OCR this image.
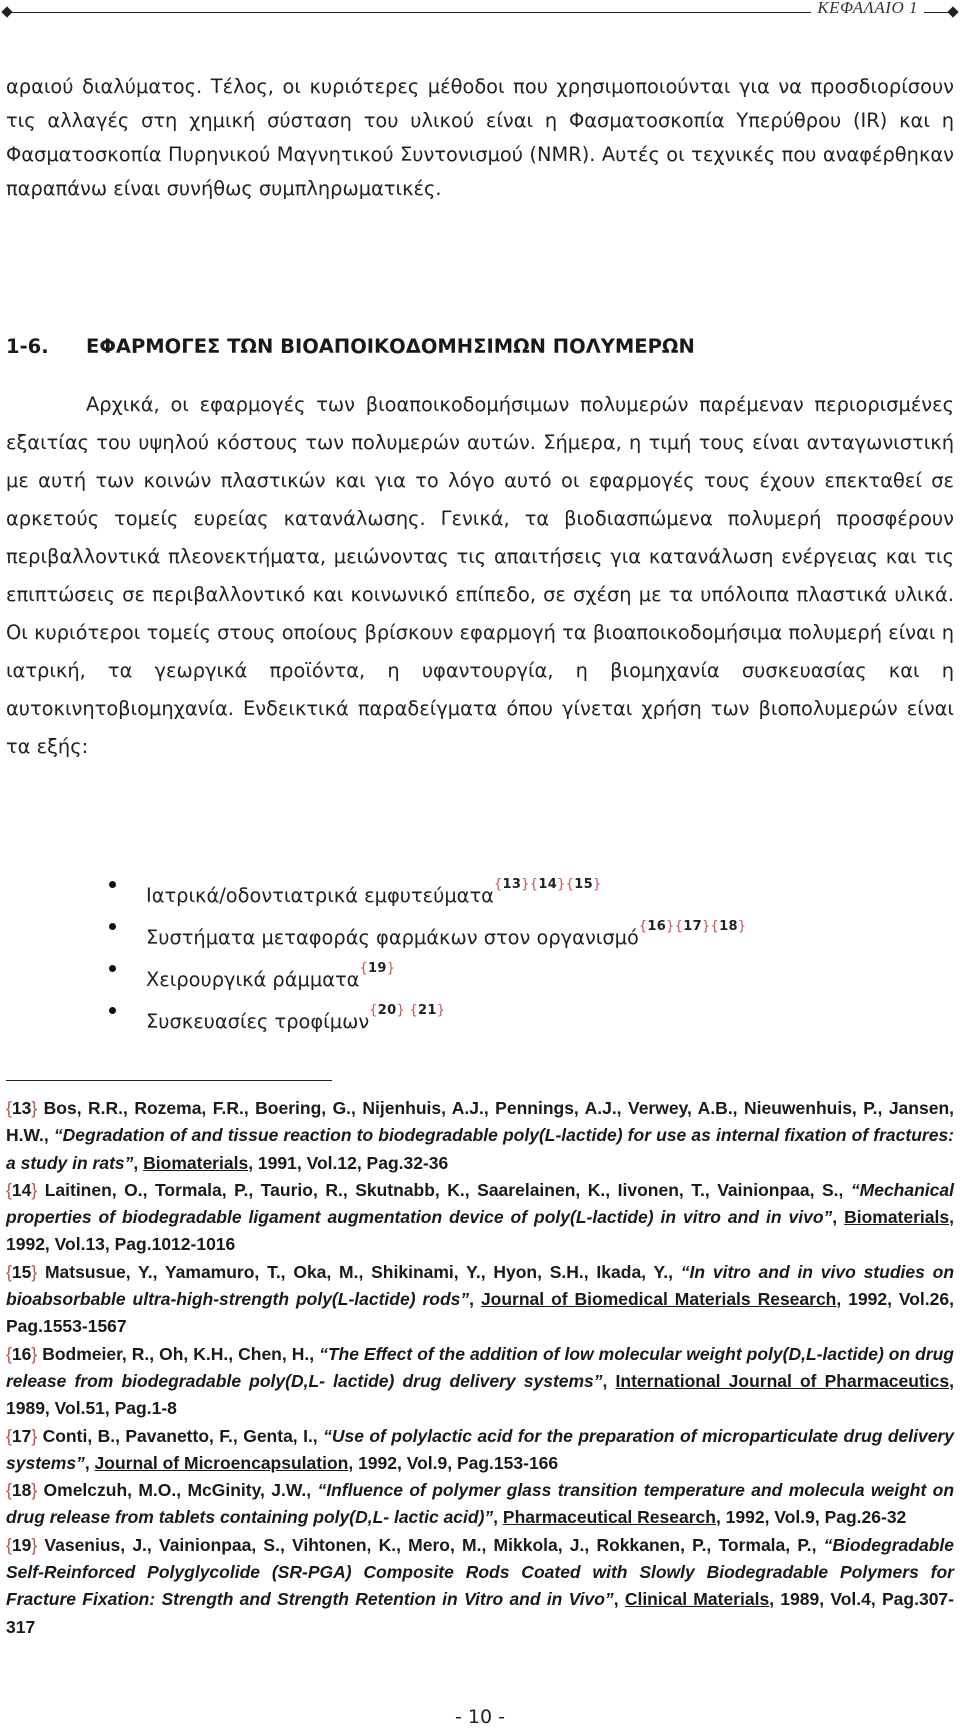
ΚΕΦΑΛΑΙΟ 1

αραιού διαλύματος. Τέλος, οι κυριότερες μέθοδοι που χρησιμοποιούνται για να προσδιορίσουν τις αλλαγές στη χημική σύσταση του υλικού είναι η Φασματοσκοπία Υπερύθρου (IR) και η Φασματοσκοπία Πυρηνικού Μαγνητικού Συντονισμού (NMR). Αυτές οι τεχνικές που αναφέρθηκαν παραπάνω είναι συνήθως συμπληρωματικές.

1-6. ΕΦΑΡΜΟΓΕΣ ΤΩΝ ΒΙΟΑΠΟΙΚΟΔΟΜΗΣΙΜΩΝ ΠΟΛΥΜΕΡΩΝ

Αρχικά, οι εφαρμογές των βιοαποικοδομήσιμων πολυμερών παρέμεναν περιορισμένες εξαιτίας του υψηλού κόστους των πολυμερών αυτών. Σήμερα, η τιμή τους είναι ανταγωνιστική με αυτή των κοινών πλαστικών και για το λόγο αυτό οι εφαρμογές τους έχουν επεκταθεί σε αρκετούς τομείς ευρείας κατανάλωσης. Γενικά, τα βιοδιασπώμενα πολυμερή προσφέρουν περιβαλλοντικά πλεονεκτήματα, μειώνοντας τις απαιτήσεις για κατανάλωση ενέργειας και τις επιπτώσεις σε περιβαλλοντικό και κοινωνικό επίπεδο, σε σχέση με τα υπόλοιπα πλαστικά υλικά. Οι κυριότεροι τομείς στους οποίους βρίσκουν εφαρμογή τα βιοαποικοδομήσιμα πολυμερή είναι η ιατρική, τα γεωργικά προϊόντα, η υφαντουργία, η βιομηχανία συσκευασίας και η αυτοκινητοβιομηχανία. Ενδεικτικά παραδείγματα όπου γίνεται χρήση των βιοπολυμερών είναι τα εξής:

Ιατρικά/οδοντιατρικά εμφυτεύματα$^{\{13\}\{14\}\{15\}}$
Συστήματα μεταφοράς φαρμάκων στον οργανισμό$^{\{16\}\{17\}\{18\}}$
Χειρουργικά ράμματα$^{\{19\}}$
Συσκευασίες τροφίμων$^{\{20\} \{21\}}$

{13} Bos, R.R., Rozema, F.R., Boering, G., Nijenhuis, A.J., Pennings, A.J., Verwey, A.B., Nieuwenhuis, P., Jansen, H.W., “Degradation of and tissue reaction to biodegradable poly(L-lactide) for use as internal fixation of fractures: a study in rats”, Biomaterials, 1991, Vol.12, Pag.32-36

{14} Laitinen, O., Tormala, P., Taurio, R., Skutnabb, K., Saarelainen, K., Iivonen, T., Vainionpaa, S., “Mechanical properties of biodegradable ligament augmentation device of poly(L-lactide) in vitro and in vivo”, Biomaterials, 1992, Vol.13, Pag.1012-1016

{15} Matsusue, Y., Yamamuro, T., Oka, M., Shikinami, Y., Hyon, S.H., Ikada, Y., “In vitro and in vivo studies on bioabsorbable ultra-high-strength poly(L-lactide) rods”, Journal of Biomedical Materials Research, 1992, Vol.26, Pag.1553-1567

{16} Bodmeier, R., Oh, K.H., Chen, H., “The Effect of the addition of low molecular weight poly(D,L-lactide) on drug release from biodegradable poly(D,L- lactide) drug delivery systems”, International Journal of Pharmaceutics, 1989, Vol.51, Pag.1-8

{17} Conti, B., Pavanetto, F., Genta, I., “Use of polylactic acid for the preparation of microparticulate drug delivery systems”, Journal of Microencapsulation, 1992, Vol.9, Pag.153-166

{18} Omelczuh, M.O., McGinity, J.W., “Influence of polymer glass transition temperature and molecula weight on drug release from tablets containing poly(D,L- lactic acid)”, Pharmaceutical Research, 1992, Vol.9, Pag.26-32

{19} Vasenius, J., Vainionpaa, S., Vihtonen, K., Mero, M., Mikkola, J., Rokkanen, P., Tormala, P., “Biodegradable Self-Reinforced Polyglycolide (SR-PGA) Composite Rods Coated with Slowly Biodegradable Polymers for Fracture Fixation: Strength and Strength Retention in Vitro and in Vivo”, Clinical Materials, 1989, Vol.4, Pag.307-317

- 10 -
